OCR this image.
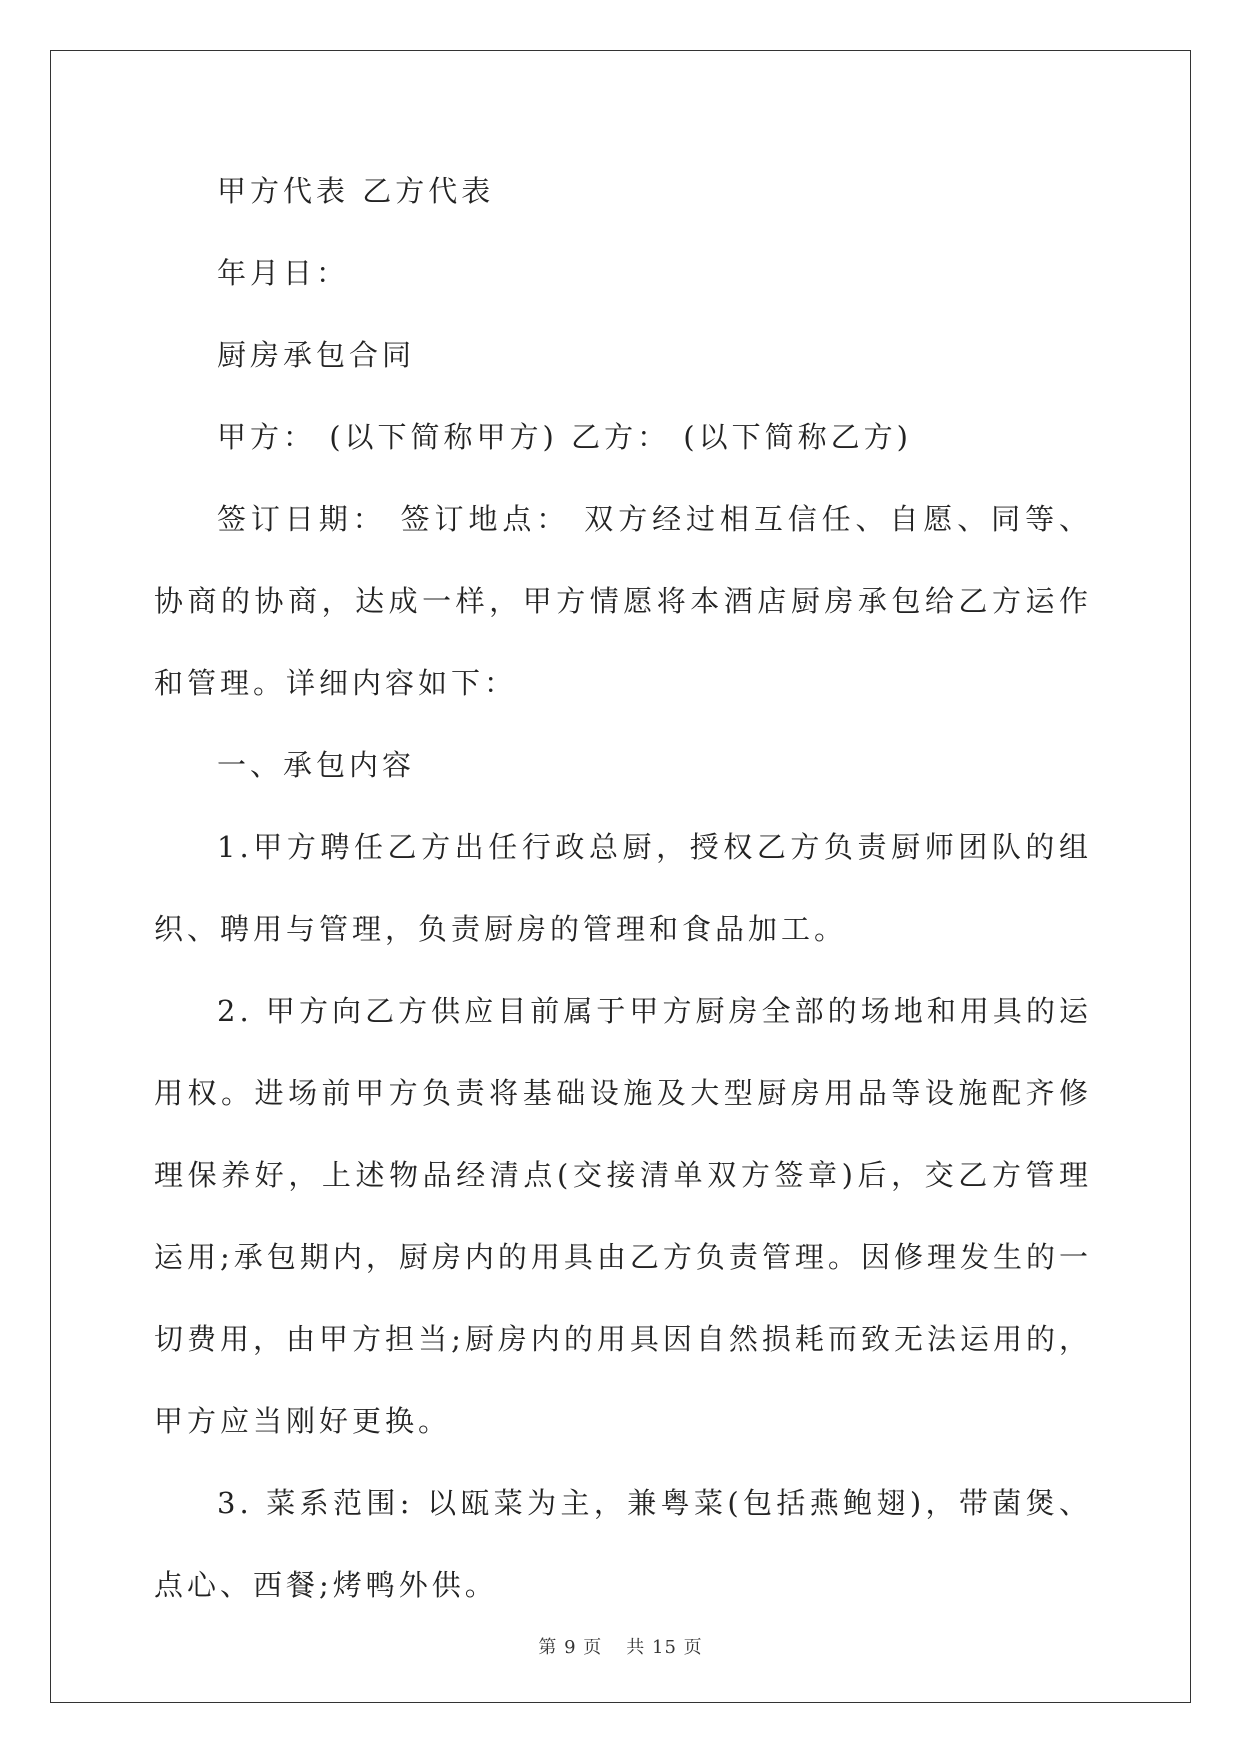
甲方代表 乙方代表

年月日：

厨房承包合同

甲方： (以下简称甲方) 乙方： (以下简称乙方)

签订日期： 签订地点： 双方经过相互信任、自愿、同等、协商的协商，达成一样，甲方情愿将本酒店厨房承包给乙方运作和管理。详细内容如下：

一、承包内容

1.甲方聘任乙方出任行政总厨，授权乙方负责厨师团队的组织、聘用与管理，负责厨房的管理和食品加工。

2. 甲方向乙方供应目前属于甲方厨房全部的场地和用具的运用权。进场前甲方负责将基础设施及大型厨房用品等设施配齐修理保养好，上述物品经清点(交接清单双方签章)后，交乙方管理运用;承包期内，厨房内的用具由乙方负责管理。因修理发生的一切费用，由甲方担当;厨房内的用具因自然损耗而致无法运用的，甲方应当刚好更换。

3. 菜系范围: 以瓯菜为主，兼粤菜(包括燕鲍翅)，带菌煲、点心、西餐;烤鸭外供。

第 9 页 共 15 页
